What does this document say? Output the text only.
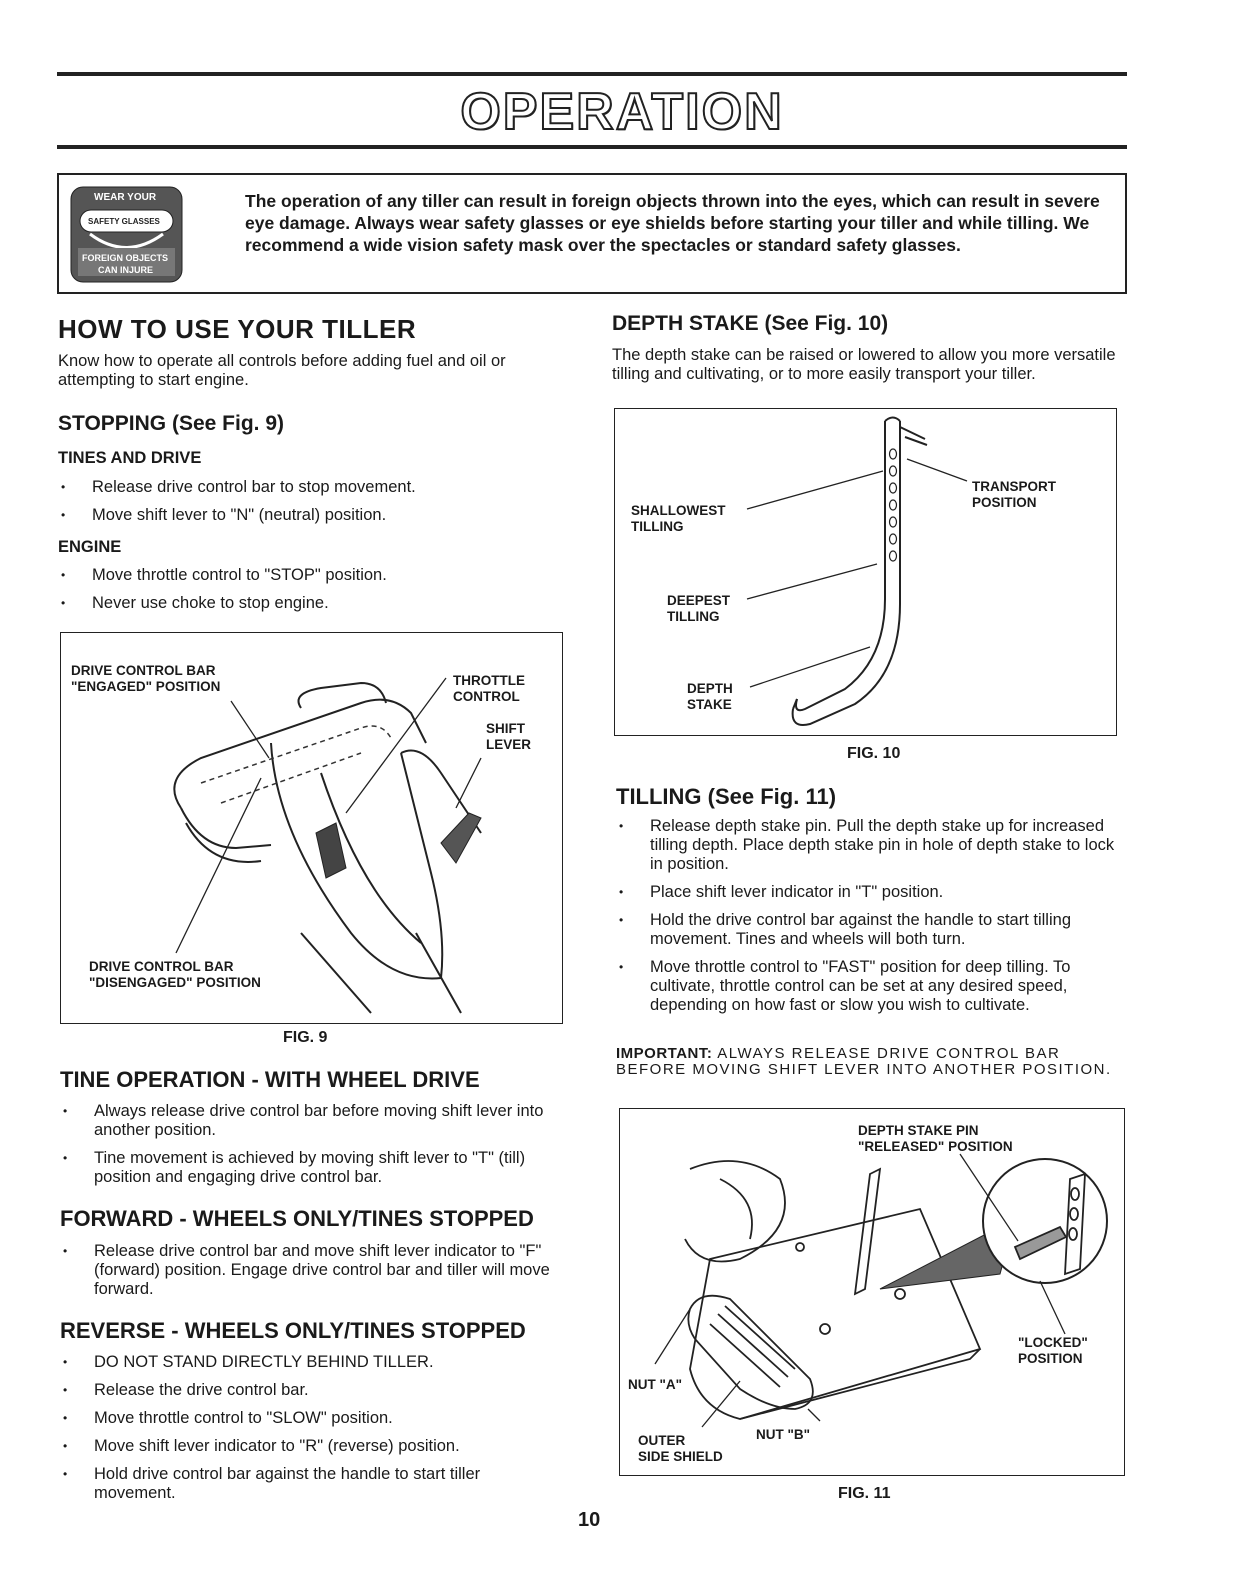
OPERATION
WEAR YOUR
SAFETY GLASSES
FOREIGN OBJECTS
CAN INJURE
The operation of any tiller can result in foreign objects thrown into the eyes, which can result in severe eye damage. Always wear safety glasses or eye shields before starting your tiller and while tilling. We recommend a wide vision safety mask over the spectacles or standard safety glasses.
HOW TO USE YOUR TILLER
Know how to operate all controls before adding fuel and oil or attempting to start engine.
STOPPING (See Fig. 9)
TINES AND DRIVE
• Release drive control bar to stop movement.
• Move shift lever to "N" (neutral) position.
ENGINE
• Move throttle control to "STOP" position.
• Never use choke to stop engine.
DRIVE CONTROL BAR
"ENGAGED" POSITION	THROTTLE
CONTROL
SHIFT
LEVER
DRIVE CONTROL BAR
"DISENGAGED" POSITION
FIG. 9
TINE OPERATION - WITH WHEEL DRIVE
• Always release drive control bar before moving shift lever into another position.
• Tine movement is achieved by moving shift lever to "T" (till) position and engaging drive control bar.
FORWARD - WHEELS ONLY/TINES STOPPED
• Release drive control bar and move shift lever indicator to "F" (forward) position. Engage drive control bar and tiller will move forward.
REVERSE - WHEELS ONLY/TINES STOPPED
• DO NOT STAND DIRECTLY BEHIND TILLER.
• Release the drive control bar.
• Move throttle control to "SLOW" position.
• Move shift lever indicator to "R" (reverse) position.
• Hold drive control bar against the handle to start tiller movement.
DEPTH STAKE (See Fig. 10)
The depth stake can be raised or lowered to allow you more versatile tilling and cultivating, or to more easily transport your tiller.
TRANSPORT
POSITION
SHALLOWEST
TILLING
DEEPEST
TILLING
DEPTH
STAKE
FIG. 10
TILLING (See Fig. 11)
• Release depth stake pin. Pull the depth stake up for increased tilling depth. Place depth stake pin in hole of depth stake to lock in position.
• Place shift lever indicator in "T" position.
• Hold the drive control bar against the handle to start tilling movement. Tines and wheels will both turn.
• Move throttle control to "FAST" position for deep tilling. To cultivate, throttle control can be set at any desired speed, depending on how fast or slow you wish to cultivate.
IMPORTANT: ALWAYS RELEASE DRIVE CONTROL BAR BEFORE MOVING SHIFT LEVER INTO ANOTHER POSITION.
DEPTH STAKE PIN
"RELEASED" POSITION
"LOCKED"
POSITION
NUT "A"
NUT "B"
OUTER
SIDE SHIELD
FIG. 11
10
